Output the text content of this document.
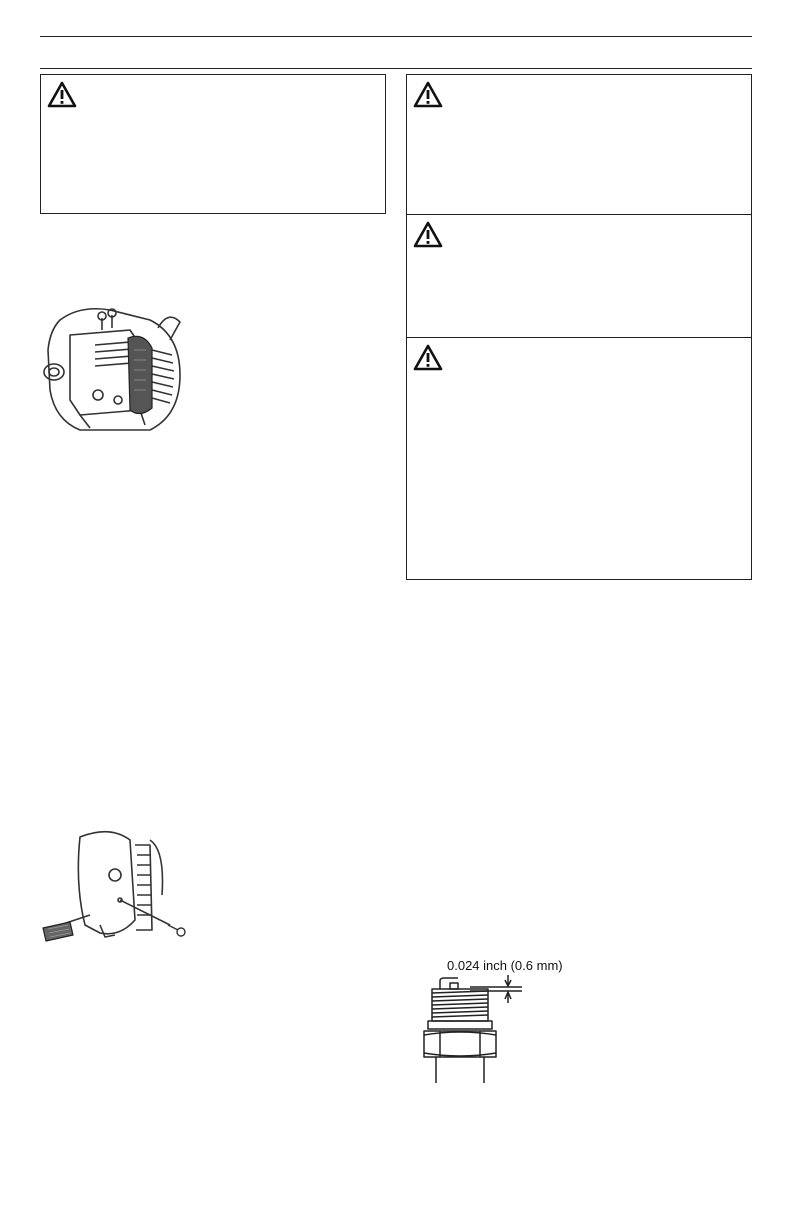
0.024 inch (0.6 mm)
